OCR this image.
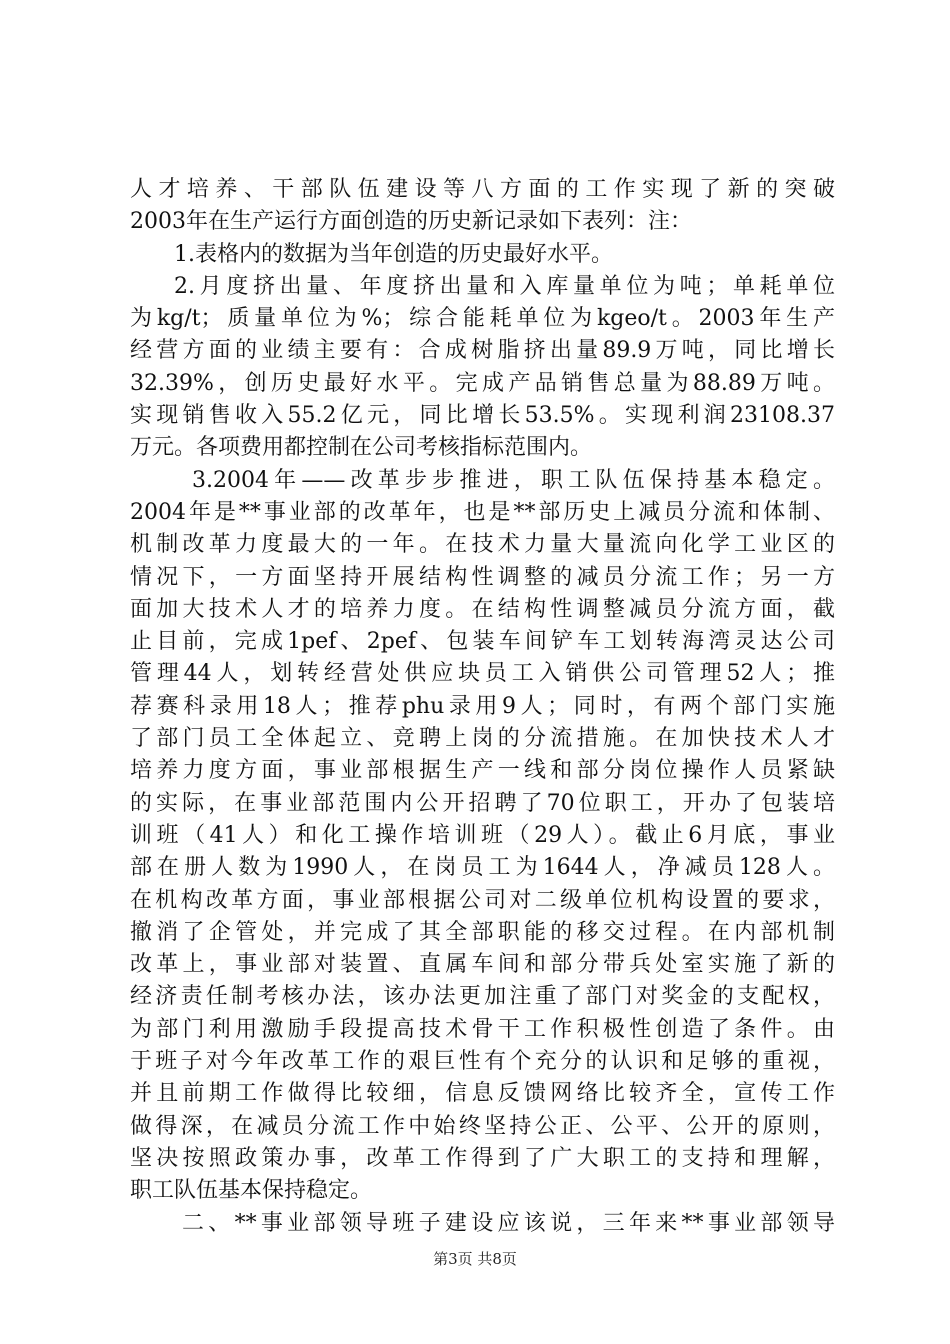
人才培养、干部队伍建设等八方面的工作实现了新的突破
2003年在生产运行方面创造的历史新记录如下表列：注：
1.表格内的数据为当年创造的历史最好水平。
2.月度挤出量、年度挤出量和入库量单位为吨；单耗单位
为kg/t；质量单位为%；综合能耗单位为kgeo/t。2003年生产
经营方面的业绩主要有：合成树脂挤出量89.9万吨，同比增长
32.39%，创历史最好水平。完成产品销售总量为88.89万吨。
实现销售收入55.2亿元，同比增长53.5%。实现利润23108.37
万元。各项费用都控制在公司考核指标范围内。
3.2004年——改革步步推进，职工队伍保持基本稳定。
2004年是**事业部的改革年，也是**部历史上减员分流和体制、
机制改革力度最大的一年。在技术力量大量流向化学工业区的
情况下，一方面坚持开展结构性调整的减员分流工作；另一方
面加大技术人才的培养力度。在结构性调整减员分流方面，截
止目前，完成1pef、2pef、包装车间铲车工划转海湾灵达公司
管理44人，划转经营处供应块员工入销供公司管理52人；推
荐赛科录用18人；推荐phu录用9人；同时，有两个部门实施
了部门员工全体起立、竞聘上岗的分流措施。在加快技术人才
培养力度方面，事业部根据生产一线和部分岗位操作人员紧缺
的实际，在事业部范围内公开招聘了70位职工，开办了包装培
训班（41人）和化工操作培训班（29人）。截止6月底，事业
部在册人数为1990人，在岗员工为1644人，净减员128人。
在机构改革方面，事业部根据公司对二级单位机构设置的要求，
撤消了企管处，并完成了其全部职能的移交过程。在内部机制
改革上，事业部对装置、直属车间和部分带兵处室实施了新的
经济责任制考核办法，该办法更加注重了部门对奖金的支配权，
为部门利用激励手段提高技术骨干工作积极性创造了条件。由
于班子对今年改革工作的艰巨性有个充分的认识和足够的重视，
并且前期工作做得比较细，信息反馈网络比较齐全，宣传工作
做得深，在减员分流工作中始终坚持公正、公平、公开的原则，
坚决按照政策办事，改革工作得到了广大职工的支持和理解，
职工队伍基本保持稳定。
二、**事业部领导班子建设应该说，三年来**事业部领导
第3页 共8页
